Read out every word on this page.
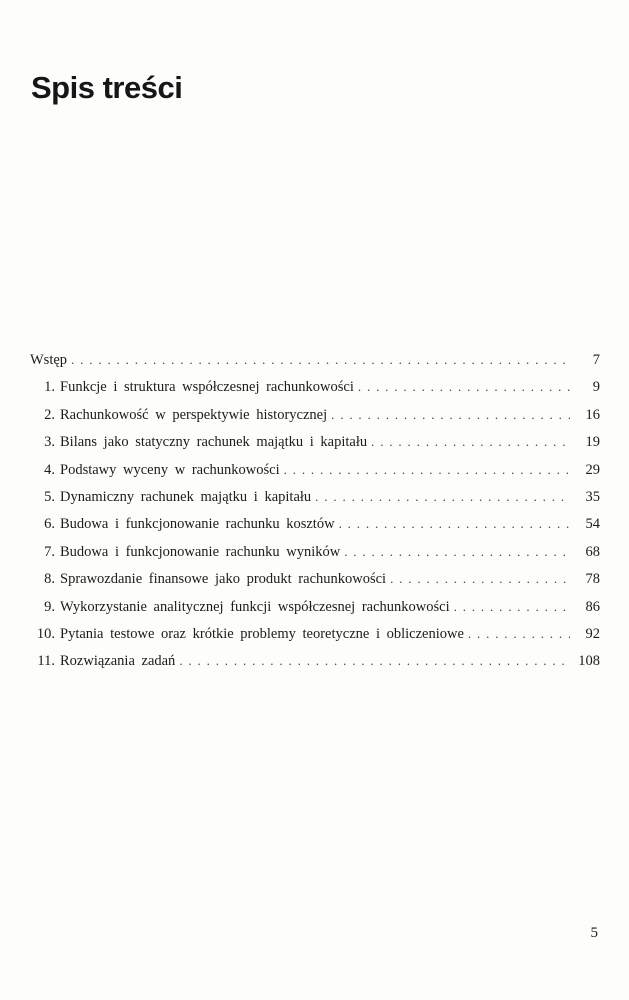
Spis treści
Wstęp . . .	7
1. Funkcje i struktura współczesnej rachunkowości . . .	9
2. Rachunkowość w perspektywie historycznej . . .	16
3. Bilans jako statyczny rachunek majątku i kapitału . . .	19
4. Podstawy wyceny w rachunkowości . . .	29
5. Dynamiczny rachunek majątku i kapitału . . .	35
6. Budowa i funkcjonowanie rachunku kosztów . . .	54
7. Budowa i funkcjonowanie rachunku wyników . . .	68
8. Sprawozdanie finansowe jako produkt rachunkowości . . .	78
9. Wykorzystanie analitycznej funkcji współczesnej rachunkowości . . .	86
10. Pytania testowe oraz krótkie problemy teoretyczne i obliczeniowe . . .	92
11. Rozwiązania zadań . . .	108
5
